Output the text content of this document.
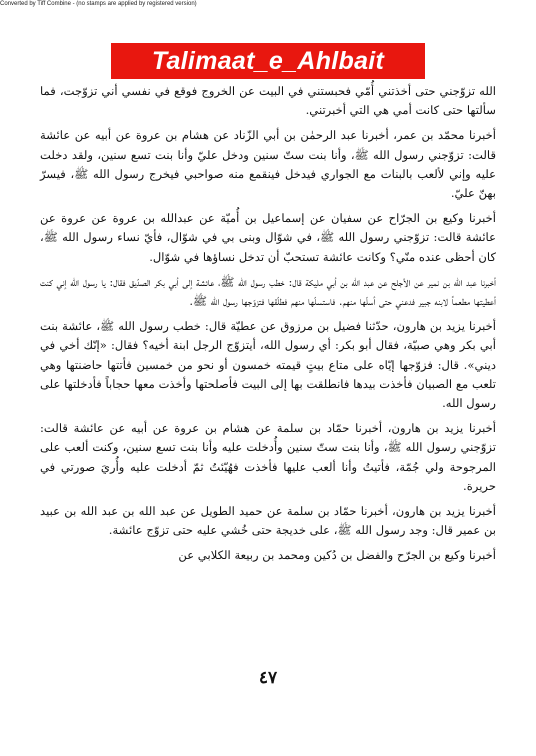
Converted by Tiff Combine - (no stamps are applied by registered version)
Talimaat_e_Ahlbait

الله تزوّجني حتى أخذتني أُمّي فحبستني في البيت عن الخروج فوقع في نفسي أني تزوّجت، فما سألتها حتى كانت أمي هي التي أخبرتني.

أخبرنا محمّد بن عمر، أخبرنا عبد الرحمٰن بن أبي الزّناد عن هشام بن عروة عن أبيه عن عائشة قالت: تزوّجني رسول الله ﷺ، وأنا بنت ستّ سنين ودخل عليّ وأنا بنت تسع سنين، ولقد دخلت عليه وإني لألعب بالبنات مع الجواري فيدخل فينقمع منه صواحبي فيخرج رسول الله ﷺ، فيسرّ بهنّ عليّ.

أخبرنا وكيع بن الجرّاح عن سفيان عن إسماعيل بن أُميّة عن عبدالله بن عروة عن عروة عن عائشة قالت: تزوّجني رسول الله ﷺ، في شوّال وبنى بي في شوّال، فأيّ نساء رسول الله ﷺ، كان أحظى عنده منّي؟ وكانت عائشة تستحبّ أن تدخل نساؤها في شوّال.

أخبرنا عبد الله بن نمير عن الأجلح عن عبد الله بن أبي مليكة قال: خطب رسول الله ﷺ، عائشة إلى أبي بكر الصدّيق فقال: يا رسول الله إني كنت أعطيتها مطعماً لابنه جبير فدعني حتى أسلّها منهم. فاستسلّها منهم فطلّقها فتزوّجها رسول الله ﷺ.

أخبرنا يزيد بن هارون، حدّثنا فضيل بن مرزوق عن عطيّة قال: خطب رسول الله ﷺ، عائشة بنت أبي بكر وهي صبيّة، فقال أبو بكر: أي رسول الله، أيتزوّج الرجل ابنة أخيه؟ فقال: «إنّك أخي في ديني». قال: فزوّجها إيّاه على متاع بيتٍ قيمته خمسون أو نحو من خمسين فأتتها حاضنتها وهي تلعب مع الصبيان فأخذت بيدها فانطلقت بها إلى البيت فأصلحتها وأخذت معها حجاباً فأدخلتها على رسول الله.

أخبرنا يزيد بن هارون، أخبرنا حمّاد بن سلمة عن هشام بن عروة عن أبيه عن عائشة قالت: تزوّجني رسول الله ﷺ، وأنا بنت ستّ سنين وأُدخلت عليه وأنا بنت تسع سنين، وكنت ألعب على المرجوحة ولي جُمّة، فأتيتُ وأنا ألعب عليها فأخذت فهُيّئتُ ثمّ أدخلت عليه وأُريَ صورتي في حريرة.

أخبرنا يزيد بن هارون، أخبرنا حمّاد بن سلمة عن حميد الطويل عن عبد الله بن عبد الله بن عبيد بن عمير قال: وجد رسول الله ﷺ، على خديجة حتى خُشي عليه حتى تزوّج عائشة.

أخبرنا وكيع بن الجرّح والفضل بن دُكين ومحمد بن ربيعة الكلابي عن

٤٧
